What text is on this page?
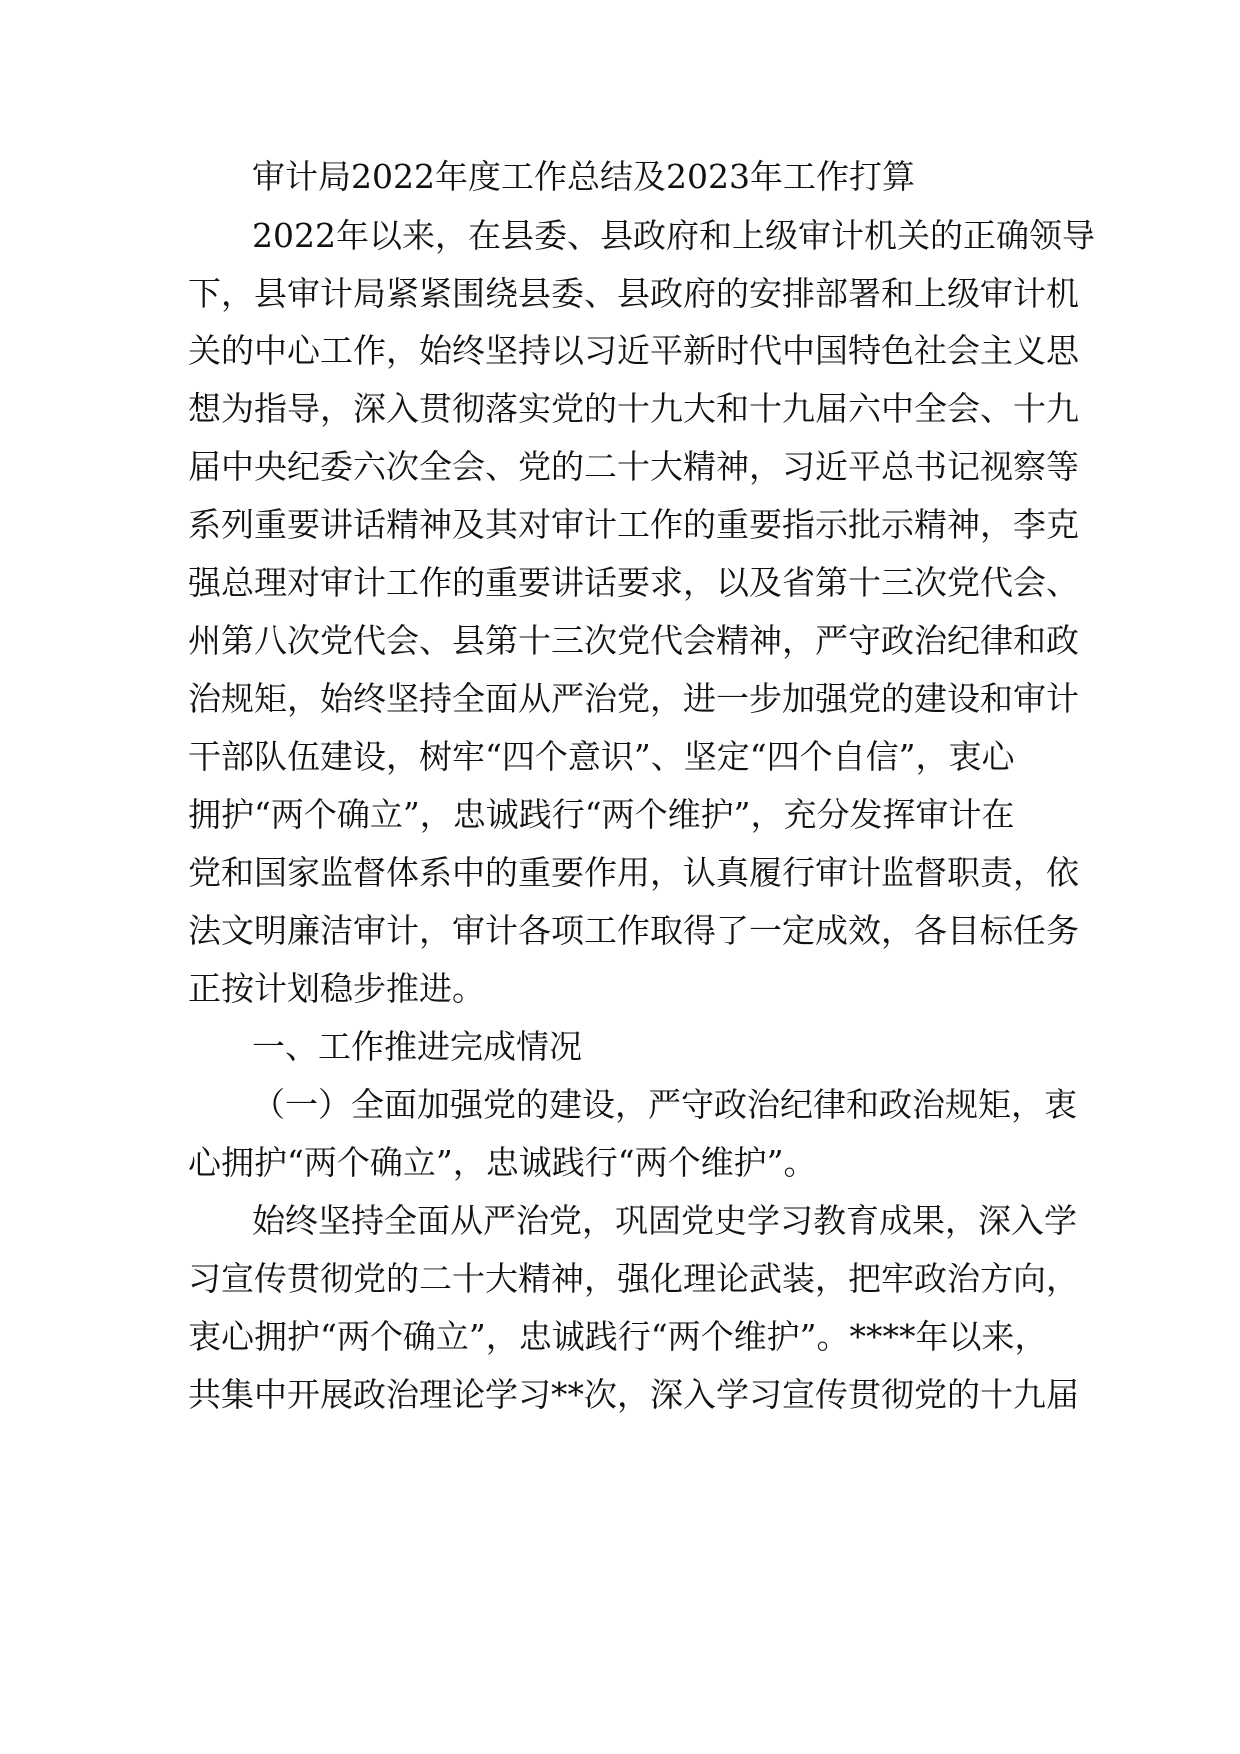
审计局2022年度工作总结及2023年工作打算
2022年以来，在县委、县政府和上级审计机关的正确领导
下，县审计局紧紧围绕县委、县政府的安排部署和上级审计机
关的中心工作，始终坚持以习近平新时代中国特色社会主义思
想为指导，深入贯彻落实党的十九大和十九届六中全会、十九
届中央纪委六次全会、党的二十大精神，习近平总书记视察等
系列重要讲话精神及其对审计工作的重要指示批示精神，李克
强总理对审计工作的重要讲话要求，以及省第十三次党代会、
州第八次党代会、县第十三次党代会精神，严守政治纪律和政
治规矩，始终坚持全面从严治党，进一步加强党的建设和审计
干部队伍建设，树牢“四个意识”、坚定“四个自信”，衷心
拥护“两个确立”，忠诚践行“两个维护”，充分发挥审计在
党和国家监督体系中的重要作用，认真履行审计监督职责，依
法文明廉洁审计，审计各项工作取得了一定成效，各目标任务
正按计划稳步推进。
一、工作推进完成情况
（一）全面加强党的建设，严守政治纪律和政治规矩，衷
心拥护“两个确立”，忠诚践行“两个维护”。
始终坚持全面从严治党，巩固党史学习教育成果，深入学
习宣传贯彻党的二十大精神，强化理论武装，把牢政治方向，
衷心拥护“两个确立”，忠诚践行“两个维护”。****年以来，
共集中开展政治理论学习**次，深入学习宣传贯彻党的十九届
